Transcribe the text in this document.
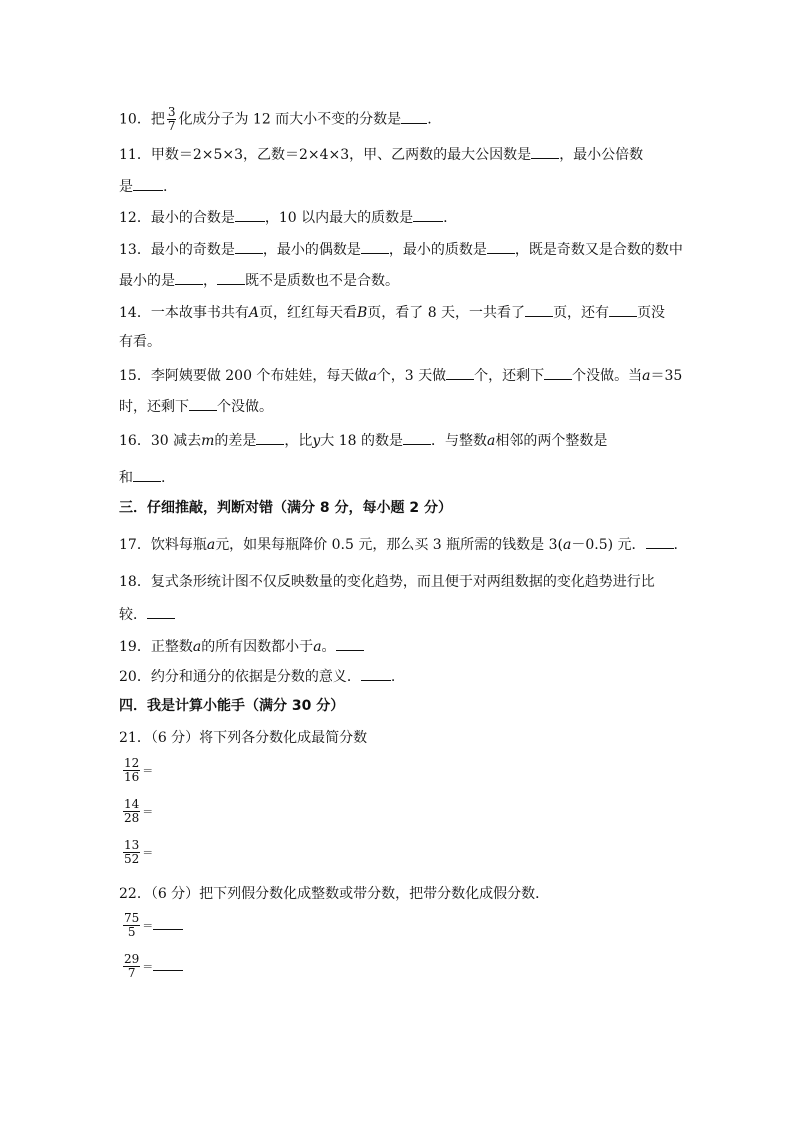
10．把 $\frac{3}{7}$ 化成分子为 12 而大小不变的分数是 .
11．甲数＝2×5×3，乙数＝2×4×3，甲、乙两数的最大公因数是 ，最小公倍数
是 .
12．最小的合数是 ，10 以内最大的质数是 .
13．最小的奇数是 ，最小的偶数是 ，最小的质数是 ，既是奇数又是合数的数中
最小的是 ， 既不是质数也不是合数。
14．一本故事书共有A页，红红每天看B页，看了 8 天，一共看了 页，还有 页没
有看。
15．李阿姨要做 200 个布娃娃，每天做a个，3 天做 个，还剩下 个没做。当a＝35
时，还剩下 个没做。
16．30 减去m的差是 ，比y大 18 的数是 ．与整数a相邻的两个整数是
和 .
三．仔细推敲，判断对错（满分 8 分，每小题 2 分）
17．饮料每瓶a元，如果每瓶降价 0.5 元，那么买 3 瓶所需的钱数是 3(a－0.5) 元． .
18．复式条形统计图不仅反映数量的变化趋势，而且便于对两组数据的变化趋势进行比
较．
19．正整数a的所有因数都小于a。
20．约分和通分的依据是分数的意义． .
四．我是计算小能手（满分 30 分）
21．（6 分）将下列各分数化成最简分数
$\frac{12}{16}$ ＝
$\frac{14}{28}$ ＝
$\frac{13}{52}$ ＝
22．（6 分）把下列假分数化成整数或带分数，把带分数化成假分数．
$\frac{75}{5}$ ＝
$\frac{29}{7}$ ＝
